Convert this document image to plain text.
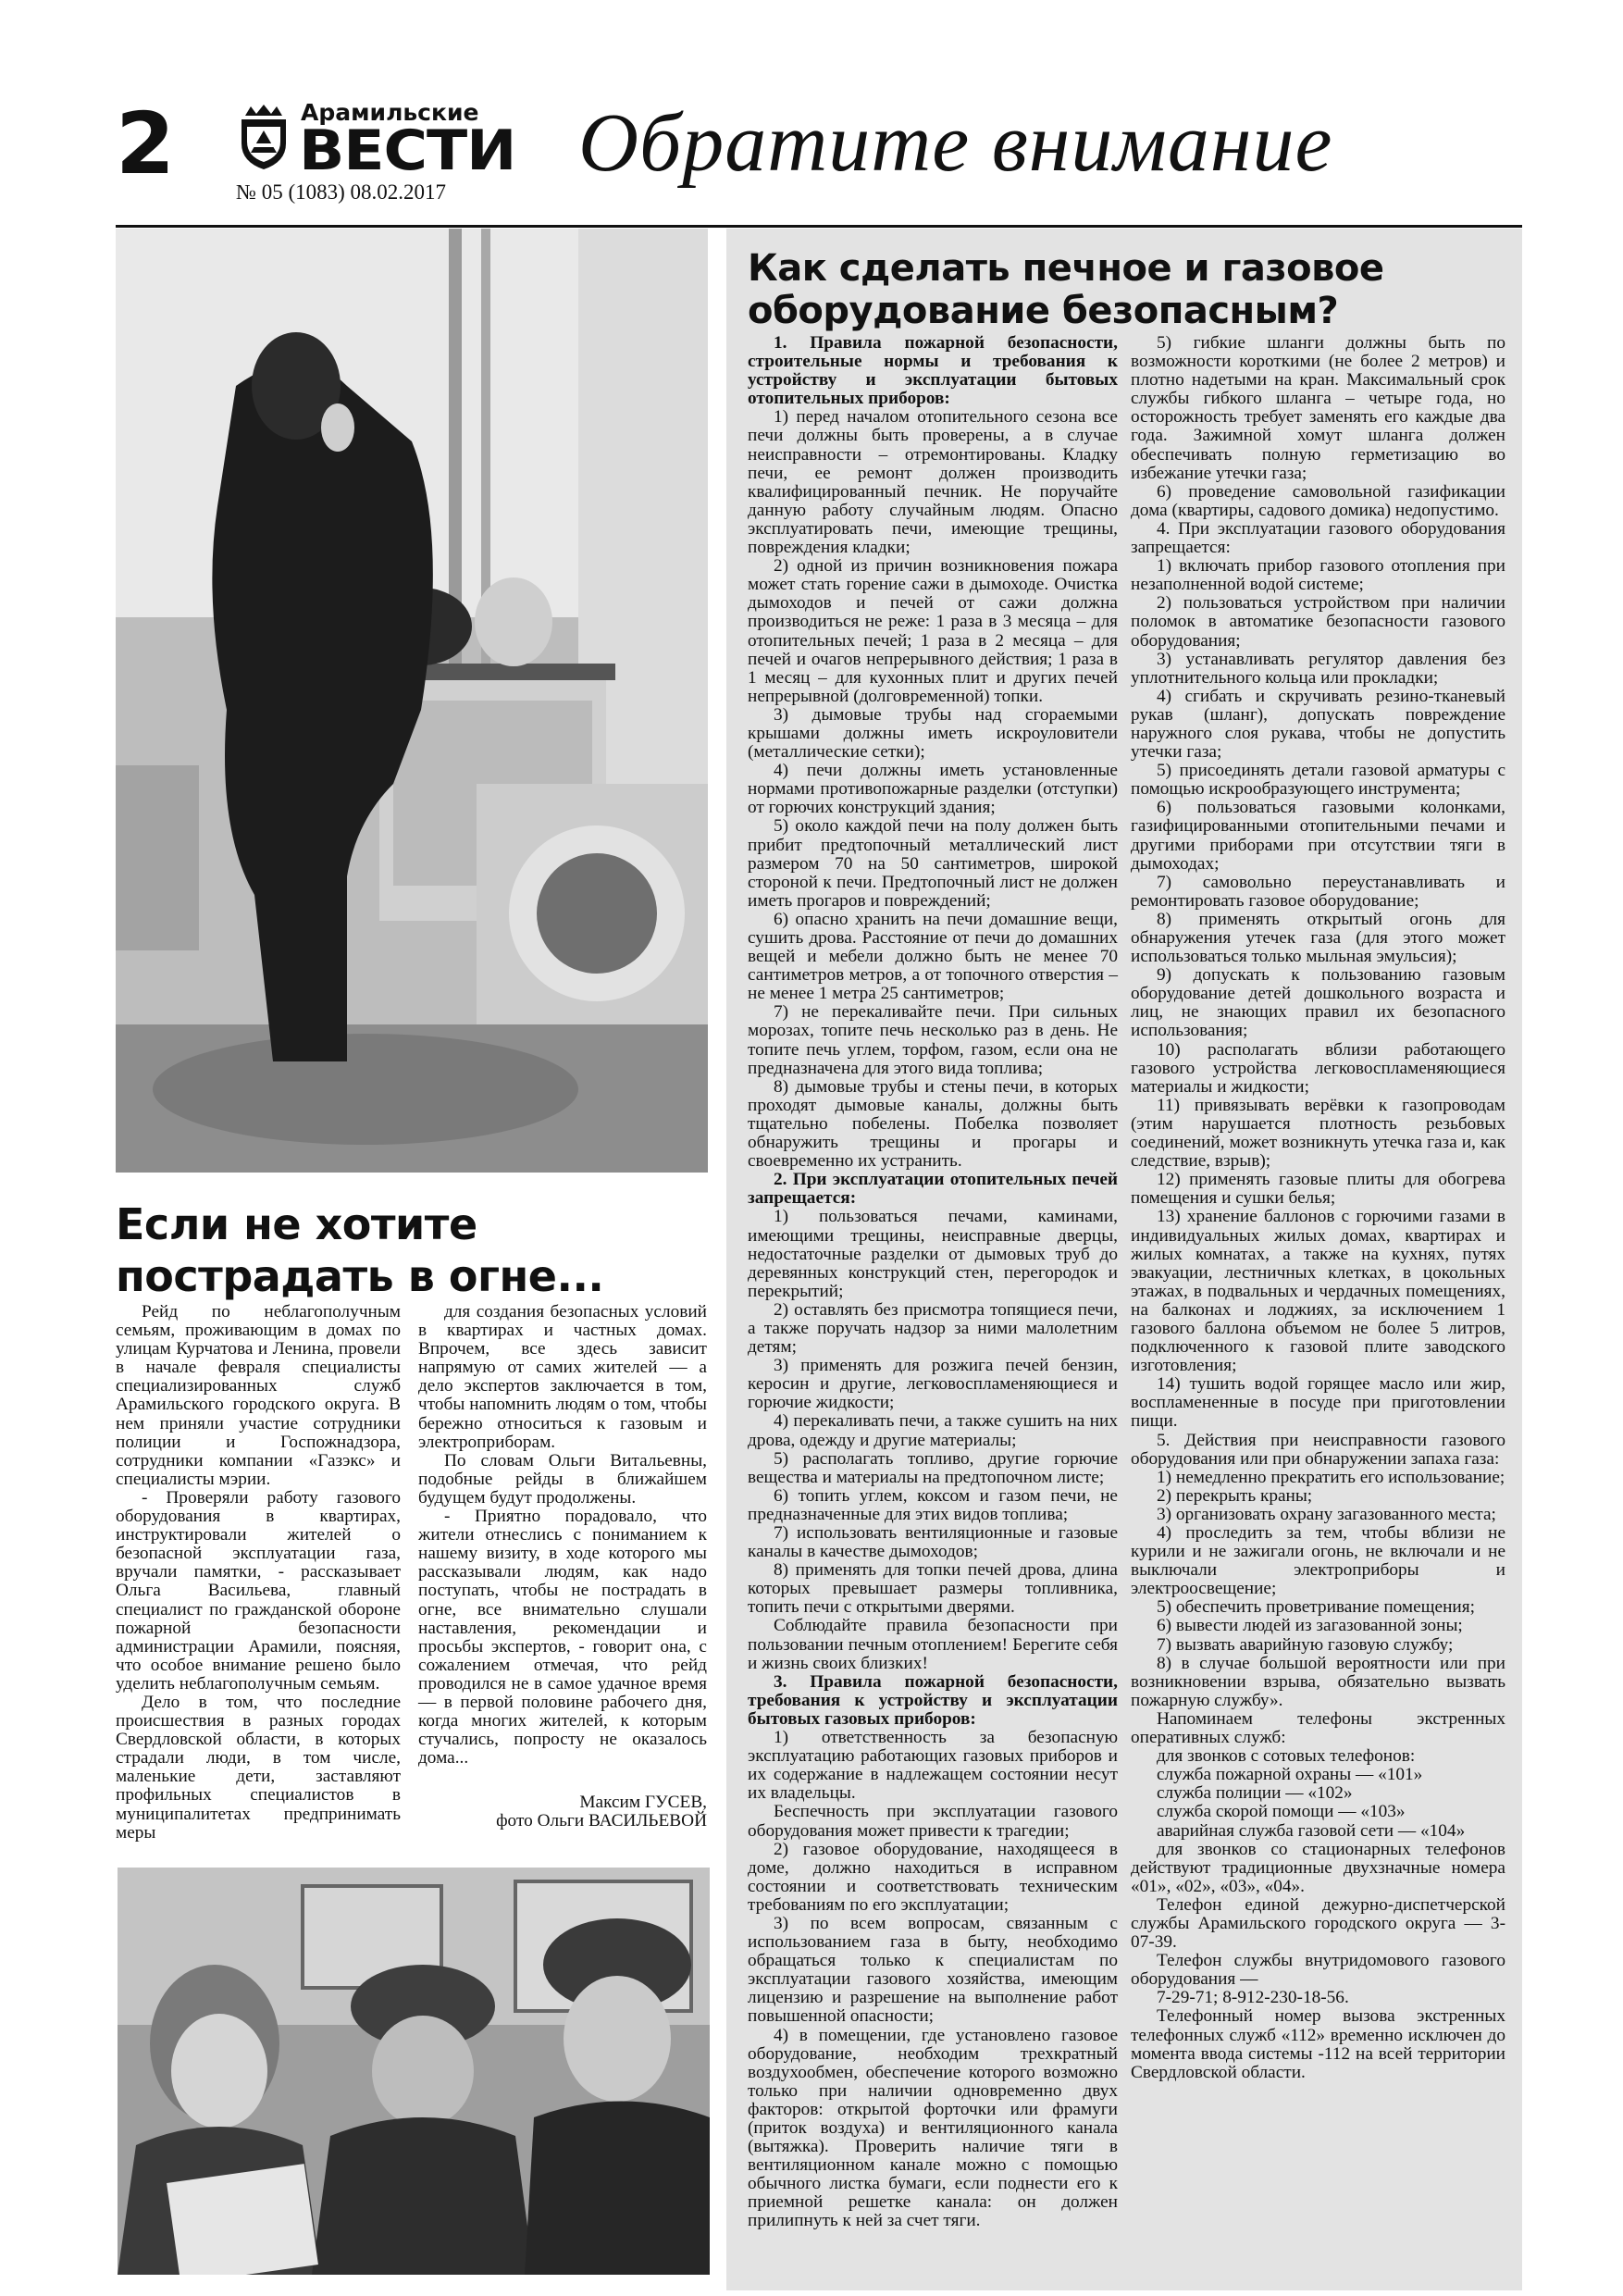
2	Арамильские
ВЕСТИ
№ 05 (1083) 08.02.2017
Обратите внимание
Если не хотите
пострадать в огне...

Рейд по неблагополучным семьям, проживающим в домах по улицам Курчатова и Ленина, провели в начале февраля специалисты специализированных служб Арамильского городского округа. В нем приняли участие сотрудники полиции и Госпожнадзора, сотрудники компании «Газэкс» и специалисты мэрии.

- Проверяли работу газового оборудования в квартирах, инструктировали жителей о безопасной эксплуатации газа, вручали памятки, - рассказывает Ольга Васильева, главный специалист по гражданской обороне пожарной безопасности администрации Арамили, поясняя, что особое внимание решено было уделить неблагополучным семьям.

Дело в том, что последние происшествия в разных городах Свердловской области, в которых страдали люди, в том числе, маленькие дети, заставляют профильных специалистов в муниципалитетах предпринимать меры

для создания безопасных условий в квартирах и частных домах. Впрочем, все здесь зависит напрямую от самих жителей — а дело экспертов заключается в том, чтобы напомнить людям о том, чтобы бережно относиться к газовым и электроприборам.

По словам Ольги Витальевны, подобные рейды в ближайшем будущем будут продолжены.

- Приятно порадовало, что жители отнеслись с пониманием к нашему визиту, в ходе которого мы рассказывали людям, как надо поступать, чтобы не пострадать в огне, все внимательно слушали наставления, рекомендации и просьбы экспертов, - говорит она, с сожалением отмечая, что рейд проводился не в самое удачное время — в первой половине рабочего дня, когда многих жителей, к которым стучались, попросту не оказалось дома...

Максим ГУСЕВ,

фото Ольги ВАСИЛЬЕВОЙ

Как сделать печное и газовое
оборудование безопасным?

1. Правила пожарной безопасности, строительные нормы и требования к устройству и эксплуатации бытовых отопительных приборов:

1) перед началом отопительного сезона все печи должны быть проверены, а в случае неисправности – отремонтированы. Кладку печи, ее ремонт должен производить квалифицированный печник. Не поручайте данную работу случайным людям. Опасно эксплуатировать печи, имеющие трещины, повреждения кладки;

2) одной из причин возникновения пожара может стать горение сажи в дымоходе. Очистка дымоходов и печей от сажи должна производиться не реже: 1 раза в 3 месяца – для отопительных печей; 1 раза в 2 месяца – для печей и очагов непрерывного действия; 1 раза в 1 месяц – для кухонных плит и других печей непрерывной (долговременной) топки.

3) дымовые трубы над сгораемыми крышами должны иметь искроуловители (металлические сетки);

4) печи должны иметь установленные нормами противопожарные разделки (отступки) от горючих конструкций здания;

5) около каждой печи на полу должен быть прибит предтопочный металлический лист размером 70 на 50 сантиметров, широкой стороной к печи. Предтопочный лист не должен иметь прогаров и повреждений;

6) опасно хранить на печи домашние вещи, сушить дрова. Расстояние от печи до домашних вещей и мебели должно быть не менее 70 сантиметров метров, а от топочного отверстия – не менее 1 метра 25 сантиметров;

7) не перекаливайте печи. При сильных морозах, топите печь несколько раз в день. Не топите печь углем, торфом, газом, если она не предназначена для этого вида топлива;

8) дымовые трубы и стены печи, в которых проходят дымовые каналы, должны быть тщательно побелены. Побелка позволяет обнаружить трещины и прогары и своевременно их устранить.

2. При эксплуатации отопительных печей запрещается:

1) пользоваться печами, каминами, имеющими трещины, неисправные дверцы, недостаточные разделки от дымовых труб до деревянных конструкций стен, перегородок и перекрытий;

2) оставлять без присмотра топящиеся печи, а также поручать надзор за ними малолетним детям;

3) применять для розжига печей бензин, керосин и другие, легковоспламеняющиеся и горючие жидкости;

4) перекаливать печи, а также сушить на них дрова, одежду и другие материалы;

5) располагать топливо, другие горючие вещества и материалы на предтопочном листе;

6) топить углем, коксом и газом печи, не предназначенные для этих видов топлива;

7) использовать вентиляционные и газовые каналы в качестве дымоходов;

8) применять для топки печей дрова, длина которых превышает размеры топливника, топить печи с открытыми дверями.

Соблюдайте правила безопасности при пользовании печным отоплением! Берегите себя и жизнь своих близких!

3. Правила пожарной безопасности, требования к устройству и эксплуатации бытовых газовых приборов:

1) ответственность за безопасную эксплуатацию работающих газовых приборов и их содержание в надлежащем состоянии несут их владельцы.

Беспечность при эксплуатации газового оборудования может привести к трагедии;

2) газовое оборудование, находящееся в доме, должно находиться в исправном состоянии и соответствовать техническим требованиям по его эксплуатации;

3) по всем вопросам, связанным с использованием газа в быту, необходимо обращаться только к специалистам по эксплуатации газового хозяйства, имеющим лицензию и разрешение на выполнение работ повышенной опасности;

4) в помещении, где установлено газовое оборудование, необходим трехкратный воздухообмен, обеспечение которого возможно только при наличии одновременно двух факторов: открытой форточки или фрамуги (приток воздуха) и вентиляционного канала (вытяжка). Проверить наличие тяги в вентиляционном канале можно с помощью обычного листка бумаги, если поднести его к приемной решетке канала: он должен прилипнуть к ней за счет тяги.

5) гибкие шланги должны быть по возможности короткими (не более 2 метров) и плотно надетыми на кран. Максимальный срок службы гибкого шланга – четыре года, но осторожность требует заменять его каждые два года. Зажимной хомут шланга должен обеспечивать полную герметизацию во избежание утечки газа;

6) проведение самовольной газификации дома (квартиры, садового домика) недопустимо.

4. При эксплуатации газового оборудования запрещается:

1) включать прибор газового отопления при незаполненной водой системе;

2) пользоваться устройством при наличии поломок в автоматике безопасности газового оборудования;

3) устанавливать регулятор давления без уплотнительного кольца или прокладки;

4) сгибать и скручивать резино-тканевый рукав (шланг), допускать повреждение наружного слоя рукава, чтобы не допустить утечки газа;

5) присоединять детали газовой арматуры с помощью искрообразующего инструмента;

6) пользоваться газовыми колонками, газифицированными отопительными печами и другими приборами при отсутствии тяги в дымоходах;

7) самовольно переустанавливать и ремонтировать газовое оборудование;

8) применять открытый огонь для обнаружения утечек газа (для этого может использоваться только мыльная эмульсия);

9) допускать к пользованию газовым оборудование детей дошкольного возраста и лиц, не знающих правил их безопасного использования;

10) располагать вблизи работающего газового устройства легковоспламеняющиеся материалы и жидкости;

11) привязывать верёвки к газопроводам (этим нарушается плотность резьбовых соединений, может возникнуть утечка газа и, как следствие, взрыв);

12) применять газовые плиты для обогрева помещения и сушки белья;

13) хранение баллонов с горючими газами в индивидуальных жилых домах, квартирах и жилых комнатах, а также на кухнях, путях эвакуации, лестничных клетках, в цокольных этажах, в подвальных и чердачных помещениях, на балконах и лоджиях, за исключением 1 газового баллона объемом не более 5 литров, подключенного к газовой плите заводского изготовления;

14) тушить водой горящее масло или жир, воспламененные в посуде при приготовлении пищи.

5. Действия при неисправности газового оборудования или при обнаружении запаха газа:

1) немедленно прекратить его использование;

2) перекрыть краны;

3) организовать охрану загазованного места;

4) проследить за тем, чтобы вблизи не курили и не зажигали огонь, не включали и не выключали электроприборы и электроосвещение;

5) обеспечить проветривание помещения;

6) вывести людей из загазованной зоны;

7) вызвать аварийную газовую службу;

8) в случае большой вероятности или при возникновении взрыва, обязательно вызвать пожарную службу».

Напоминаем телефоны экстренных оперативных служб:

для звонков с сотовых телефонов:

служба пожарной охраны — «101»

служба полиции — «102»

служба скорой помощи — «103»

аварийная служба газовой сети — «104»

для звонков со стационарных телефонов действуют традиционные двухзначные номера «01», «02», «03», «04».

Телефон единой дежурно-диспетчерской службы Арамильского городского округа — 3-07-39.

Телефон службы внутридомового газового оборудования —

7-29-71; 8-912-230-18-56.

Телефонный номер вызова экстренных телефонных служб «112» временно исключен до момента ввода системы -112 на всей территории Свердловской области.
